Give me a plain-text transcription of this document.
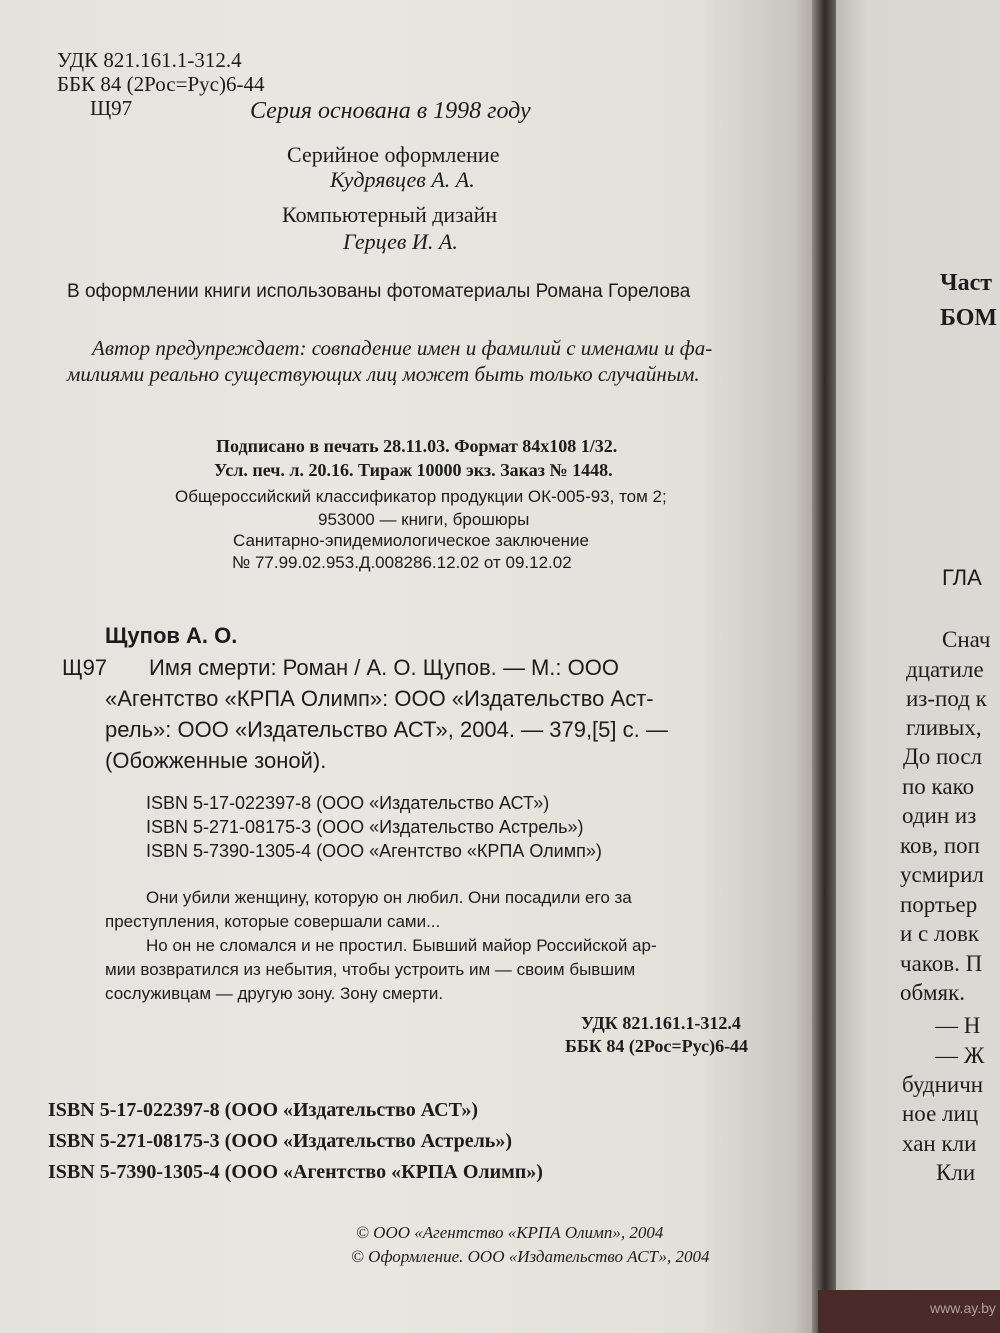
УДК 821.161.1-312.4
ББК 84 (2Рос=Рус)6-44
Щ97	Серия основана в 1998 году
Серийное оформление
Кудрявцев А. А.
Компьютерный дизайн
Герцев И. А.
В оформлении книги использованы фотоматериалы Романа Горелова
Автор предупреждает: совпадение имен и фамилий с именами и фа-
милиями реально существующих лиц может быть только случайным.
Подписано в печать 28.11.03. Формат 84х108 1/32.
Усл. печ. л. 20.16. Тираж 10000 экз. Заказ № 1448.
Общероссийский классификатор продукции ОК-005-93, том 2;
953000 — книги, брошюры
Санитарно-эпидемиологическое заключение
№ 77.99.02.953.Д.008286.12.02 от 09.12.02
Щупов А. О.
Щ97 Имя смерти: Роман / А. О. Щупов. — М.: ООО
«Агентство «КРПА Олимп»: ООО «Издательство Аст-
рель»: ООО «Издательство АСТ», 2004. — 379,[5] с. —
(Обожженные зоной).
ISBN 5-17-022397-8 (ООО «Издательство АСТ»)
ISBN 5-271-08175-3 (ООО «Издательство Астрель»)
ISBN 5-7390-1305-4 (ООО «Агентство «КРПА Олимп»)
Они убили женщину, которую он любил. Они посадили его за
преступления, которые совершали сами...
Но он не сломался и не простил. Бывший майор Российской ар-
мии возвратился из небытия, чтобы устроить им — своим бывшим
сослуживцам — другую зону. Зону смерти.
УДК 821.161.1-312.4
ББК 84 (2Рос=Рус)6-44
ISBN 5-17-022397-8 (ООО «Издательство АСТ»)
ISBN 5-271-08175-3 (ООО «Издательство Астрель»)
ISBN 5-7390-1305-4 (ООО «Агентство «КРПА Олимп»)
© ООО «Агентство «КРПА Олимп», 2004
© Оформление. ООО «Издательство АСТ», 2004
Част
БОМ
ГЛА
Снач
дцатиле
из-под к
гливых,
До посл
по како
один из
ков, поп
усмирил
портьер
и с ловк
чаков. П
обмяк.
— Н
— Ж
будничн
ное лиц
хан кли
Кли
www.ay.by
